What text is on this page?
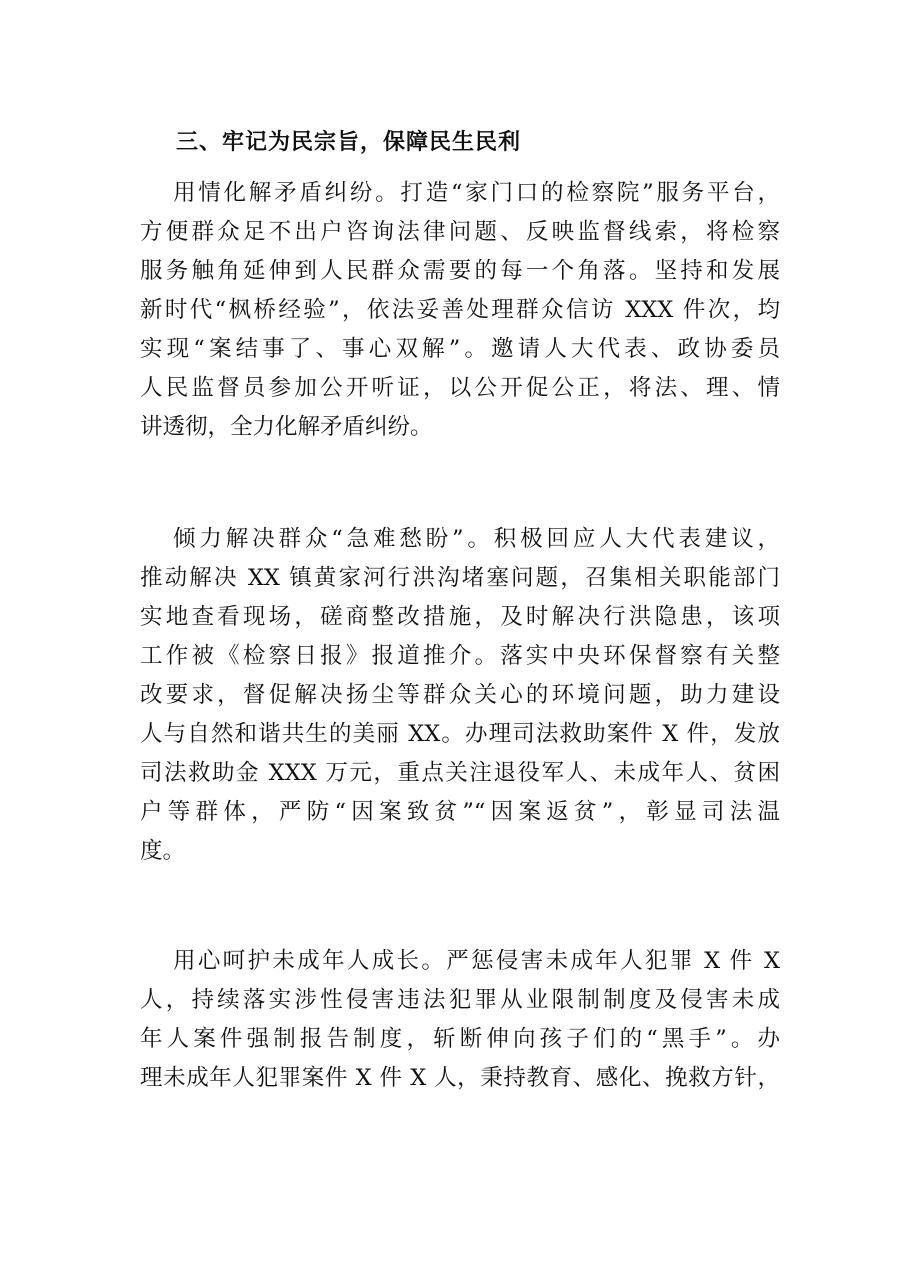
三、牢记为民宗旨，保障民生民利
用情化解矛盾纠纷。打造“家门口的检察院”服务平台，
方便群众足不出户咨询法律问题、反映监督线索，将检察
服务触角延伸到人民群众需要的每一个角落。坚持和发展
新时代“枫桥经验”，依法妥善处理群众信访 XXX 件次，均
实现“案结事了、事心双解”。邀请人大代表、政协委员
人民监督员参加公开听证，以公开促公正，将法、理、情
讲透彻，全力化解矛盾纠纷。
倾力解决群众“急难愁盼”。积极回应人大代表建议，
推动解决 XX 镇黄家河行洪沟堵塞问题，召集相关职能部门
实地查看现场，磋商整改措施，及时解决行洪隐患，该项
工作被《检察日报》报道推介。落实中央环保督察有关整
改要求，督促解决扬尘等群众关心的环境问题，助力建设
人与自然和谐共生的美丽 XX。办理司法救助案件 X 件，发放
司法救助金 XXX 万元，重点关注退役军人、未成年人、贫困
户等群体，严防“因案致贫”“因案返贫”，彰显司法温
度。
用心呵护未成年人成长。严惩侵害未成年人犯罪 X 件 X
人，持续落实涉性侵害违法犯罪从业限制制度及侵害未成
年人案件强制报告制度，斩断伸向孩子们的“黑手”。办
理未成年人犯罪案件 X 件 X 人，秉持教育、感化、挽救方针，
